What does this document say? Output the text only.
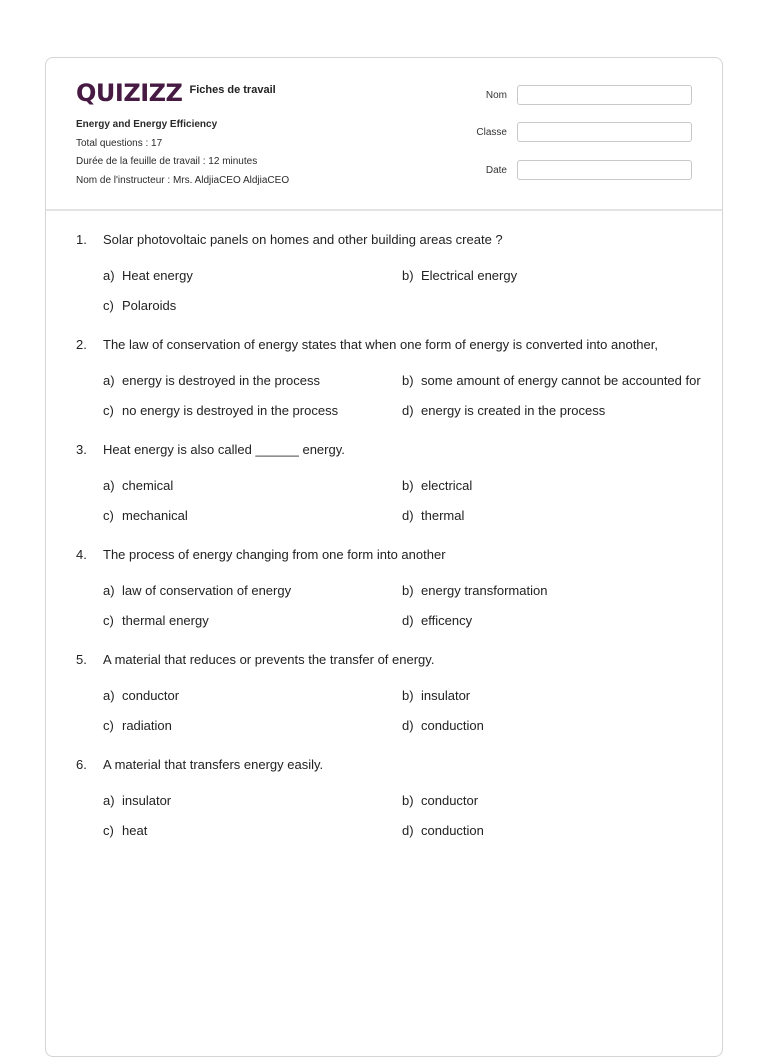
QUIZIZZ Fiches de travail
Energy and Energy Efficiency
Total questions : 17
Durée de la feuille de travail : 12 minutes
Nom de l'instructeur : Mrs. AldjiaCEO AldjiaCEO
Nom
Classe
Date
1.	Solar photovoltaic panels on homes and other building areas create ?
a) Heat energy	b) Electrical energy
c) Polaroids
2.	The law of conservation of energy states that when one form of energy is converted into another,
a) energy is destroyed in the process	b) some amount of energy cannot be accounted for
c) no energy is destroyed in the process	d) energy is created in the process
3.	Heat energy is also called ______ energy.
a) chemical	b) electrical
c) mechanical	d) thermal
4.	The process of energy changing from one form into another
a) law of conservation of energy	b) energy transformation
c) thermal energy	d) efficency
5.	A material that reduces or prevents the transfer of energy.
a) conductor	b) insulator
c) radiation	d) conduction
6.	A material that transfers energy easily.
a) insulator	b) conductor
c) heat	d) conduction
